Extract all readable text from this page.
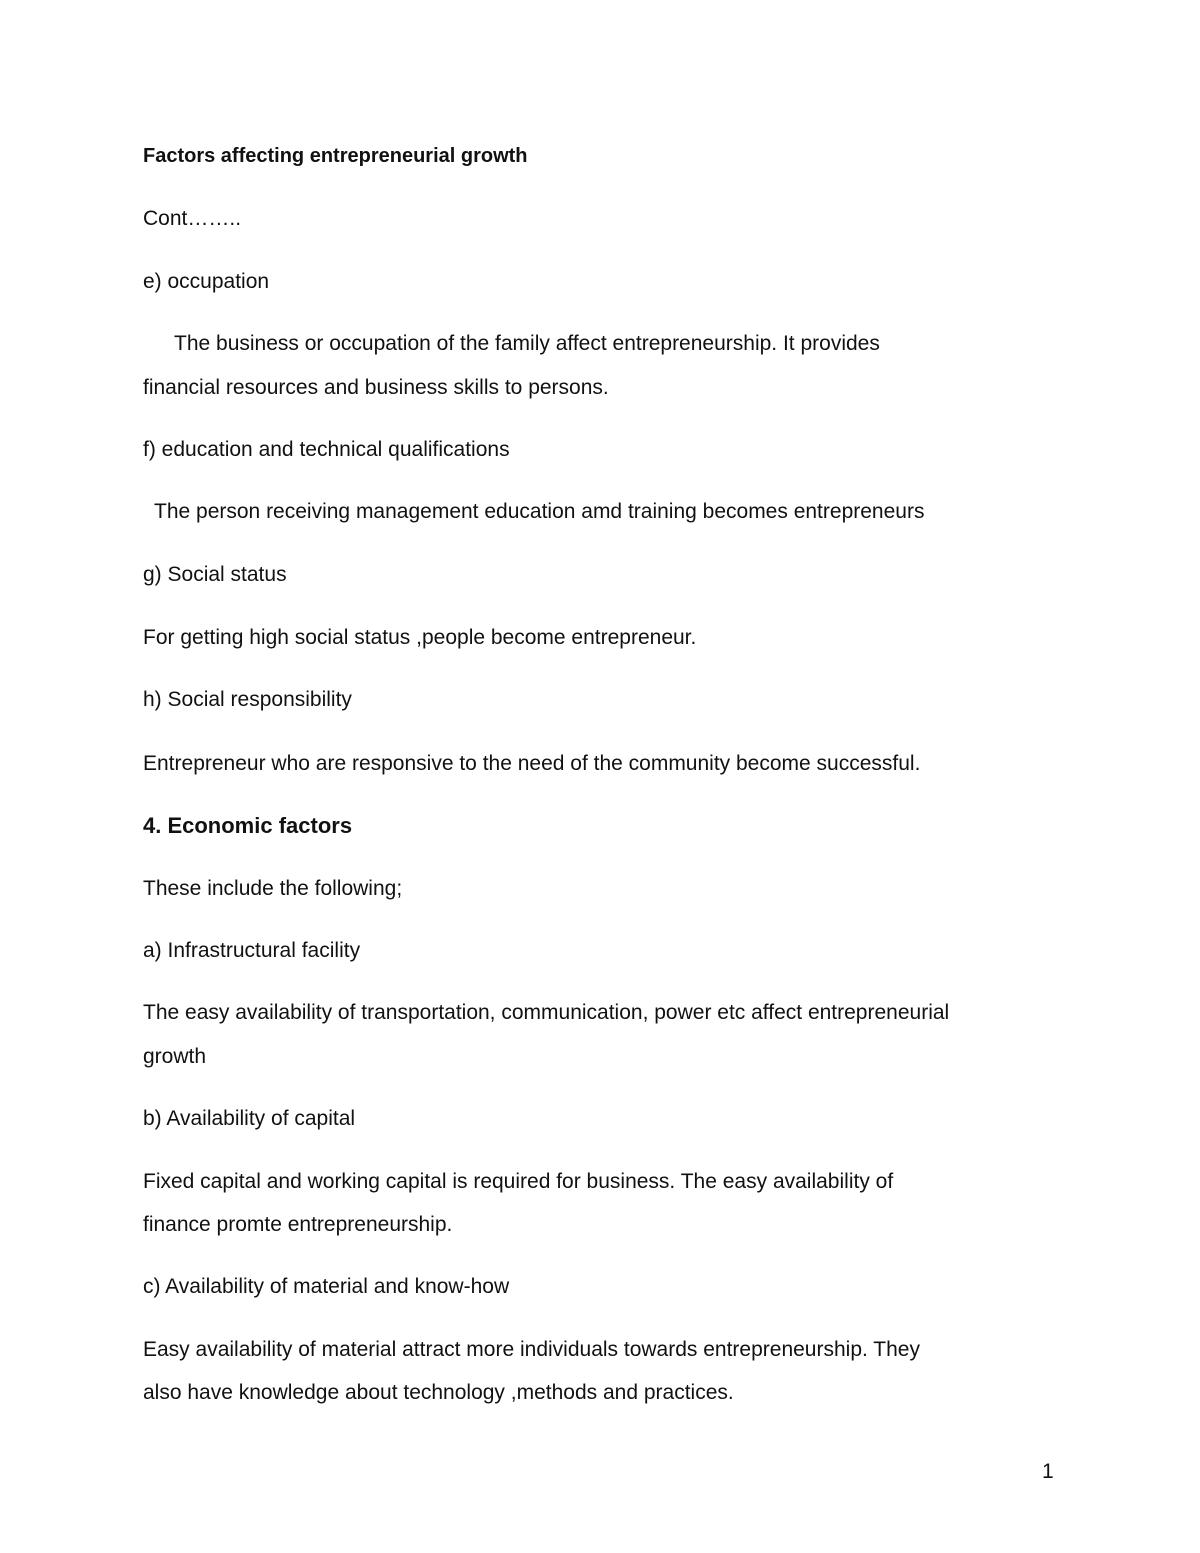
Factors affecting entrepreneurial growth

Cont……..

e) occupation

The business or occupation of the family affect entrepreneurship. It provides

financial resources and business skills to persons.

f) education and technical qualifications

The person receiving management education amd training becomes entrepreneurs

g) Social status

For getting high social status ,people become entrepreneur.

h) Social responsibility

Entrepreneur who are responsive to the need of the community become successful.

4. Economic factors

These include the following;

a) Infrastructural facility

The easy availability of transportation, communication, power etc affect entrepreneurial

growth

b) Availability of capital

Fixed capital and working capital is required for business. The easy availability of

finance promte entrepreneurship.

c) Availability of material and know-how

Easy availability of material attract more individuals towards entrepreneurship. They

also have knowledge about technology ,methods and practices.

1
